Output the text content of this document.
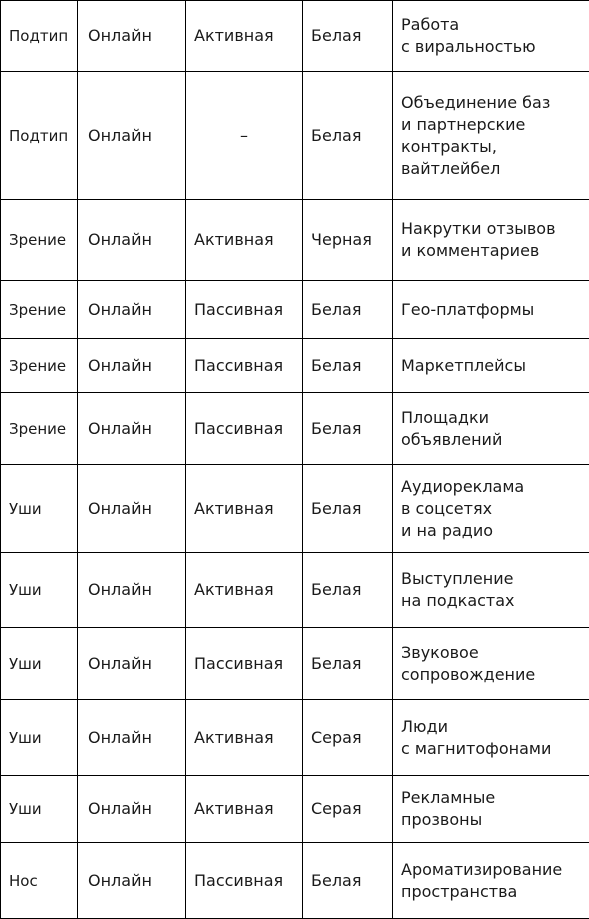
Подтип	Онлайн	Активная	Белая	Работа
с виральностью
Подтип	Онлайн	–	Белая	Объединение баз
и партнерские
контракты,
вайтлейбел
Зрение	Онлайн	Активная	Черная	Накрутки отзывов
и комментариев
Зрение	Онлайн	Пассивная	Белая	Гео-платформы
Зрение	Онлайн	Пассивная	Белая	Маркетплейсы
Зрение	Онлайн	Пассивная	Белая	Площадки
объявлений
Уши	Онлайн	Активная	Белая	Аудиореклама
в соцсетях
и на радио
Уши	Онлайн	Активная	Белая	Выступление
на подкастах
Уши	Онлайн	Пассивная	Белая	Звуковое
сопровождение
Уши	Онлайн	Активная	Серая	Люди
с магнитофонами
Уши	Онлайн	Активная	Серая	Рекламные
прозвоны
Нос	Онлайн	Пассивная	Белая	Ароматизирование
пространства
